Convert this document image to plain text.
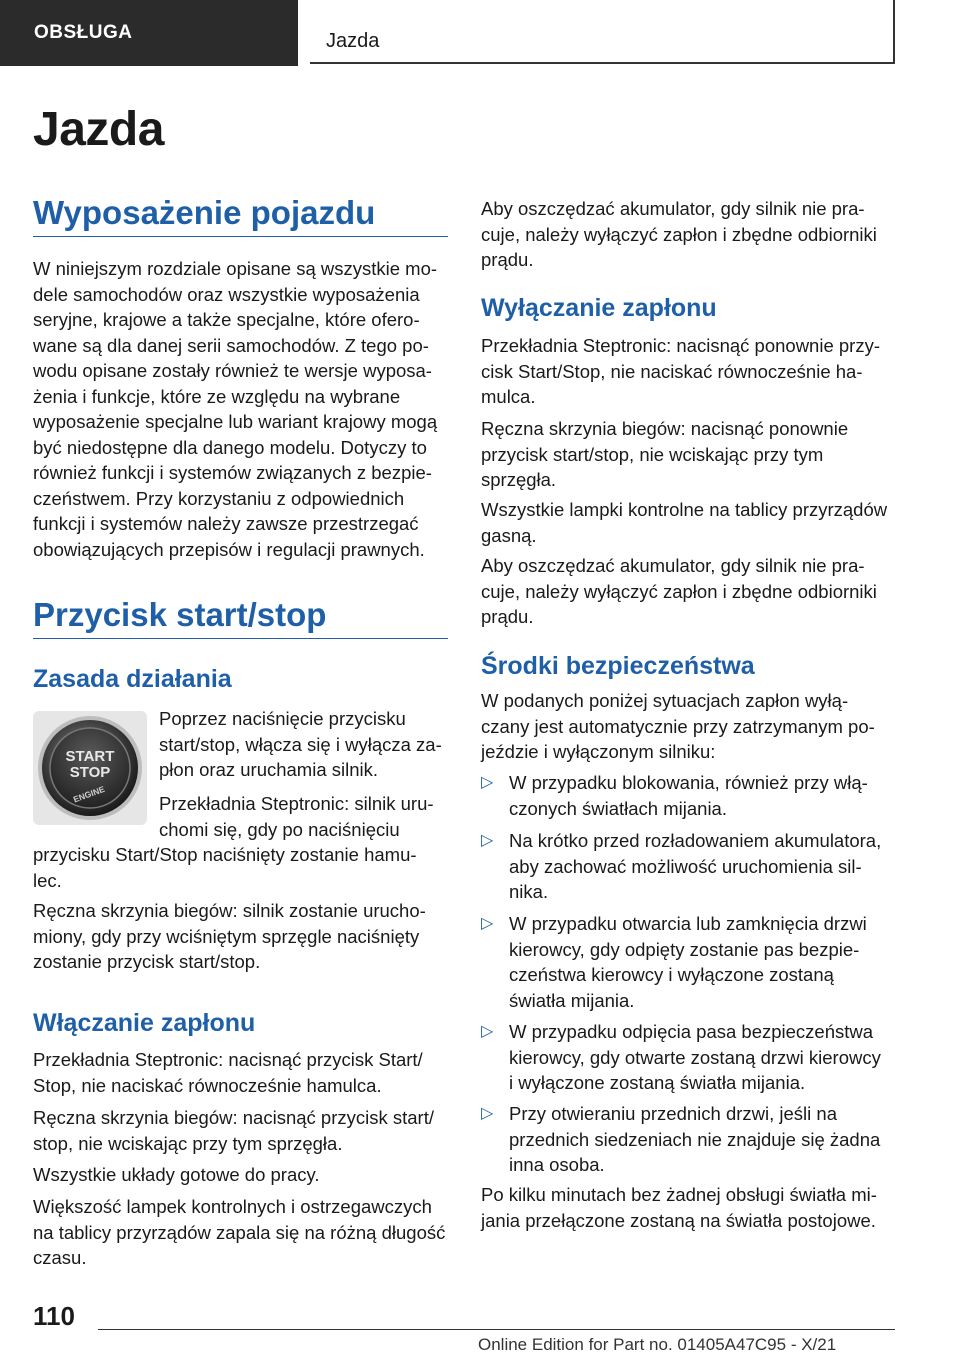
OBSŁUGA	Jazda
Jazda
Wyposażenie pojazdu

W niniejszym rozdziale opisane są wszystkie mo-
dele samochodów oraz wszystkie wyposażenia
seryjne, krajowe a także specjalne, które ofero-
wane są dla danej serii samochodów. Z tego po-
wodu opisane zostały również te wersje wyposa-
żenia i funkcje, które ze względu na wybrane
wyposażenie specjalne lub wariant krajowy mogą
być niedostępne dla danego modelu. Dotyczy to
również funkcji i systemów związanych z bezpie-
czeństwem. Przy korzystaniu z odpowiednich
funkcji i systemów należy zawsze przestrzegać
obowiązujących przepisów i regulacji prawnych.

Przycisk start/stop
Zasada działania
START
STOP
ENGINE

Poprzez naciśnięcie przycisku
start/stop, włącza się i wyłącza za-
płon oraz uruchamia silnik.

Przekładnia Steptronic: silnik uru-
chomi się, gdy po naciśnięciu

przycisku Start/Stop naciśnięty zostanie hamu-
lec.

Ręczna skrzynia biegów: silnik zostanie urucho-
miony, gdy przy wciśniętym sprzęgle naciśnięty
zostanie przycisk start/stop.

Włączanie zapłonu

Przekładnia Steptronic: nacisnąć przycisk Start/
Stop, nie naciskać równocześnie hamulca.

Ręczna skrzynia biegów: nacisnąć przycisk start/
stop, nie wciskając przy tym sprzęgła.

Wszystkie układy gotowe do pracy.

Większość lampek kontrolnych i ostrzegawczych
na tablicy przyrządów zapala się na różną długość
czasu.

Aby oszczędzać akumulator, gdy silnik nie pra-
cuje, należy wyłączyć zapłon i zbędne odbiorniki
prądu.

Wyłączanie zapłonu

Przekładnia Steptronic: nacisnąć ponownie przy-
cisk Start/Stop, nie naciskać równocześnie ha-
mulca.

Ręczna skrzynia biegów: nacisnąć ponownie
przycisk start/stop, nie wciskając przy tym
sprzęgła.

Wszystkie lampki kontrolne na tablicy przyrządów
gasną.

Aby oszczędzać akumulator, gdy silnik nie pra-
cuje, należy wyłączyć zapłon i zbędne odbiorniki
prądu.

Środki bezpieczeństwa

W podanych poniżej sytuacjach zapłon wyłą-
czany jest automatycznie przy zatrzymanym po-
jeździe i wyłączonym silniku:

▷ W przypadku blokowania, również przy włą-
czonych światłach mijania.
▷ Na krótko przed rozładowaniem akumulatora,
aby zachować możliwość uruchomienia sil-
nika.
▷ W przypadku otwarcia lub zamknięcia drzwi
kierowcy, gdy odpięty zostanie pas bezpie-
czeństwa kierowcy i wyłączone zostaną
światła mijania.
▷ W przypadku odpięcia pasa bezpieczeństwa
kierowcy, gdy otwarte zostaną drzwi kierowcy
i wyłączone zostaną światła mijania.
▷ Przy otwieraniu przednich drzwi, jeśli na
przednich siedzeniach nie znajduje się żadna
inna osoba.

Po kilku minutach bez żadnej obsługi światła mi-
jania przełączone zostaną na światła postojowe.

110
Online Edition for Part no. 01405A47C95 - X/21
